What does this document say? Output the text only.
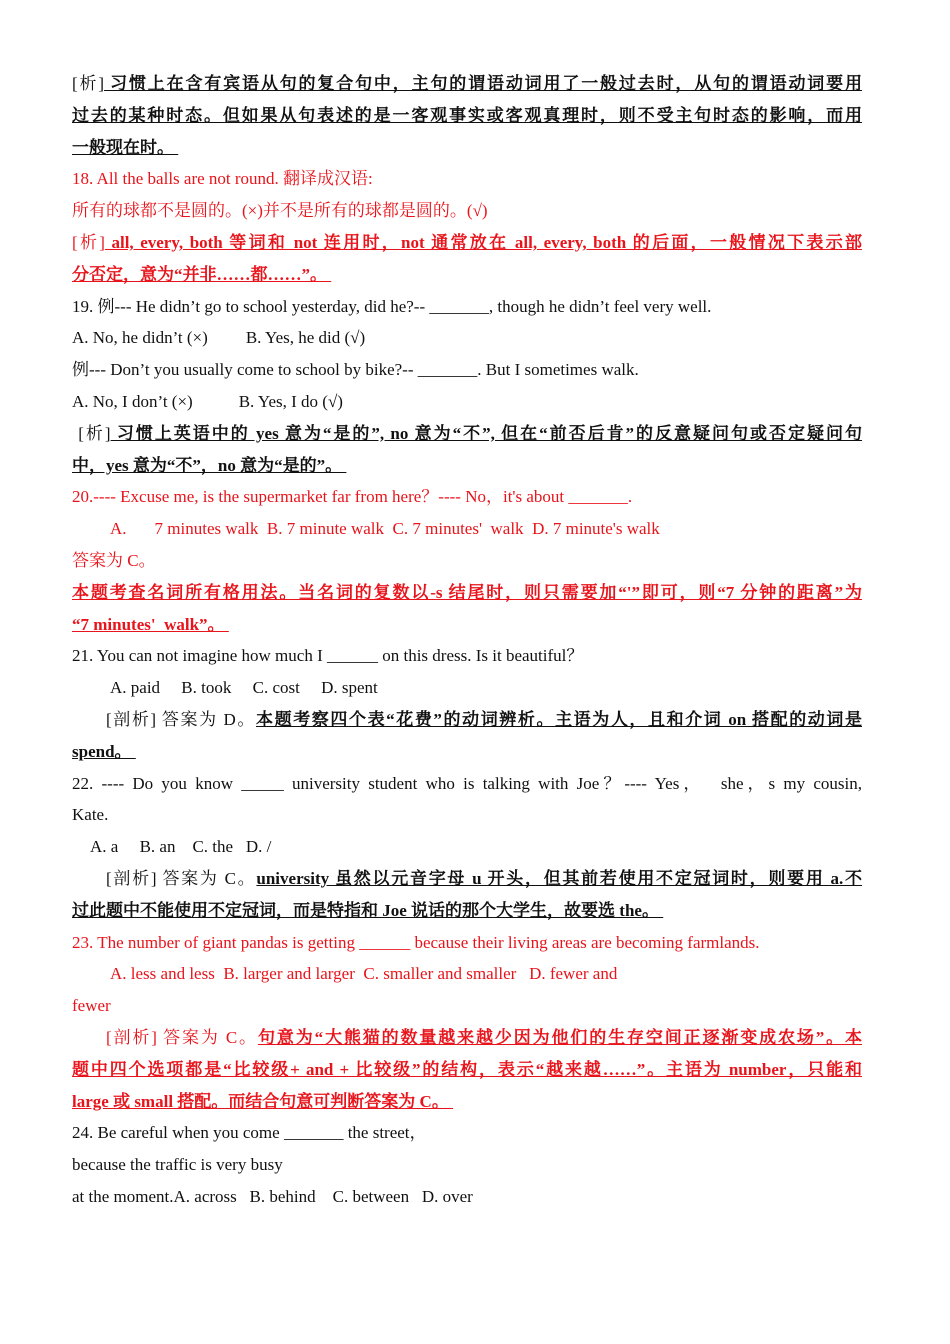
[析] 习惯上在含有宾语从句的复合句中，主句的谓语动词用了一般过去时，从句的谓语动词要用

过去的某种时态。但如果从句表述的是一客观事实或客观真理时，则不受主句时态的影响，而用

一般现在时。

18. All the balls are not round. 翻译成汉语:

所有的球都不是圆的。(×)并不是所有的球都是圆的。(√)

[析] all, every, both 等词和 not 连用时，not 通常放在 all, every, both 的后面，一般情况下表示部

分否定，意为“并非……都……”。

19. 例--- He didn’t go to school yesterday, did he?-- _______, though he didn’t feel very well.

A. No, he didn’t (×) B. Yes, he did (√)

例--- Don’t you usually come to school by bike?-- _______. But I sometimes walk.

A. No, I don’t (×)	B. Yes, I do (√)

[析] 习惯上英语中的 yes 意为“是的”, no 意为“不”, 但在“前否后肯”的反意疑问句或否定疑问句

中，yes 意为“不”，no 意为“是的”。

20.---- Excuse me, is the supermarket far from here？---- No，it's about _______.

A. 7 minutes walk B. 7 minute walk C. 7 minutes'  walk D. 7 minute's walk

答案为 C。

本题考查名词所有格用法。当名词的复数以-s 结尾时，则只需要加“'”即可，则“7 分钟的距离”为

“7 minutes'  walk”。

21. You can not imagine how much I ______ on this dress. Is it beautiful？

A. paid     B. took     C. cost     D. spent

[剖析] 答案为 D。本题考察四个表“花费”的动词辨析。主语为人，且和介词 on 搭配的动词是

spend。

22. ---- Do you know _____ university student who is talking with Joe？---- Yes，  she，s my cousin,

Kate.

A. a     B. an    C. the   D. /

[剖析] 答案为 C。university 虽然以元音字母 u 开头，但其前若使用不定冠词时，则要用 a.不

过此题中不能使用不定冠词，而是特指和 Joe 说话的那个大学生，故要选 the。

23. The number of giant pandas is getting ______ because their living areas are becoming farmlands.

A. less and less  B. larger and larger  C. smaller and smaller   D. fewer and

fewer

[剖析] 答案为 C。句意为“大熊猫的数量越来越少因为他们的生存空间正逐渐变成农场”。本

题中四个选项都是“比较级+ and + 比较级”的结构，表示“越来越……”。主语为 number，只能和

large 或 small 搭配。而结合句意可判断答案为 C。

24. Be careful when you come _______ the street，

because the traffic is very busy

at the moment.A. across   B. behind    C. between   D. over
